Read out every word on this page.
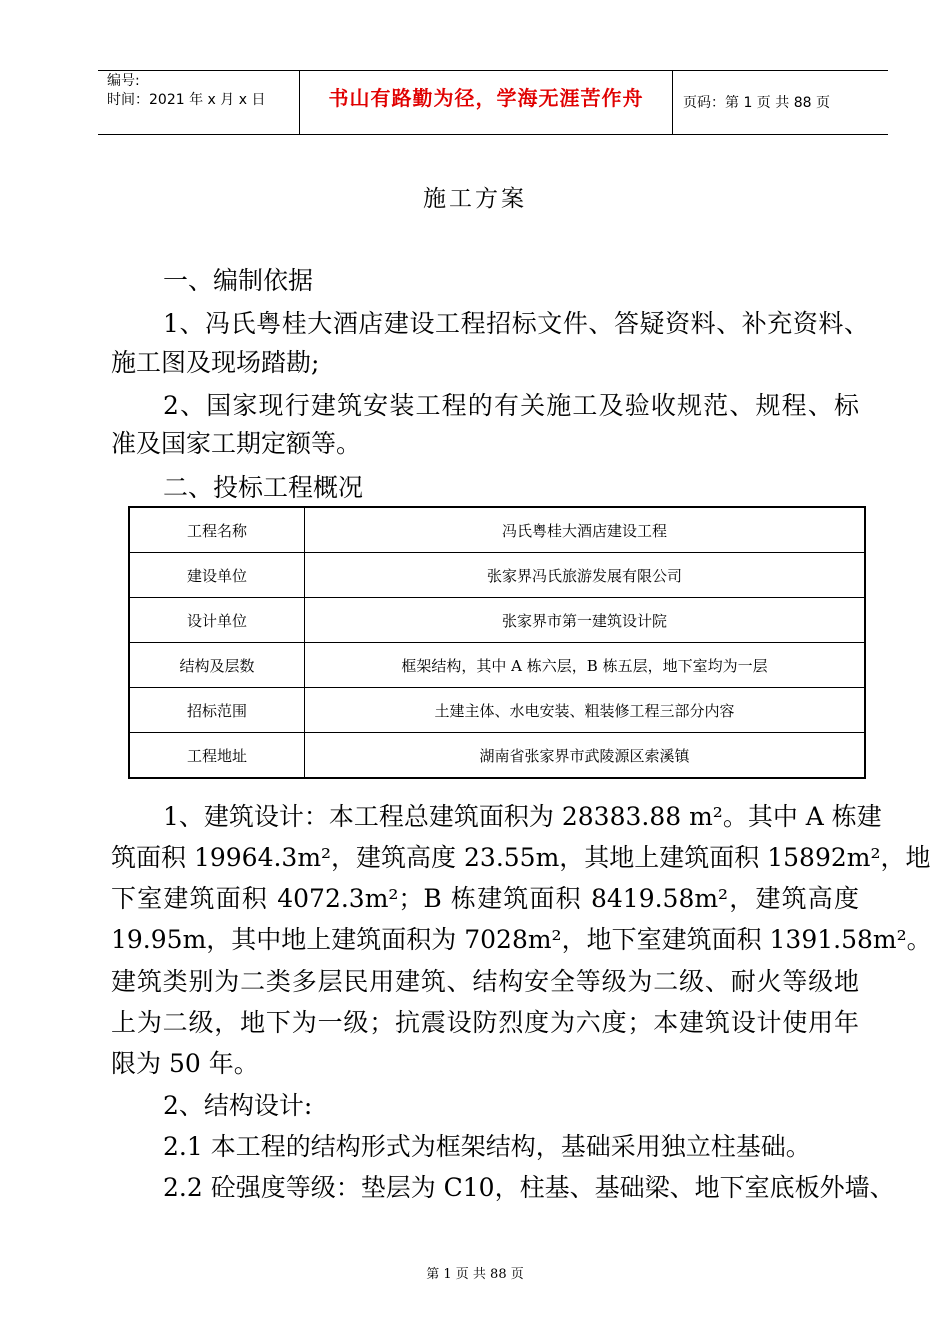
编号:
时间：2021 年 x 月 x 日	书山有路勤为径，学海无涯苦作舟	页码：第 1 页 共 88 页
施工方案
一、编制依据
1、冯氏粤桂大酒店建设工程招标文件、答疑资料、补充资料、
施工图及现场踏勘;
2、国家现行建筑安装工程的有关施工及验收规范、规程、标
准及国家工期定额等。
二、投标工程概况
工程名称	冯氏粤桂大酒店建设工程
建设单位	张家界冯氏旅游发展有限公司
设计单位	张家界市第一建筑设计院
结构及层数	框架结构，其中 A 栋六层，B 栋五层，地下室均为一层
招标范围	土建主体、水电安装、粗装修工程三部分内容
工程地址	湖南省张家界市武陵源区索溪镇
1、建筑设计：本工程总建筑面积为 28383.88 m²。其中 A 栋建
筑面积 19964.3m²，建筑高度 23.55m，其地上建筑面积 15892m²，地
下室建筑面积 4072.3m²；B 栋建筑面积 8419.58m²，建筑高度
19.95m，其中地上建筑面积为 7028m²，地下室建筑面积 1391.58m²。
建筑类别为二类多层民用建筑、结构安全等级为二级、耐火等级地
上为二级，地下为一级；抗震设防烈度为六度；本建筑设计使用年
限为 50 年。
2、结构设计:
2.1 本工程的结构形式为框架结构，基础采用独立柱基础。
2.2 砼强度等级：垫层为 C10，柱基、基础梁、地下室底板外墙、
第 1 页 共 88 页
